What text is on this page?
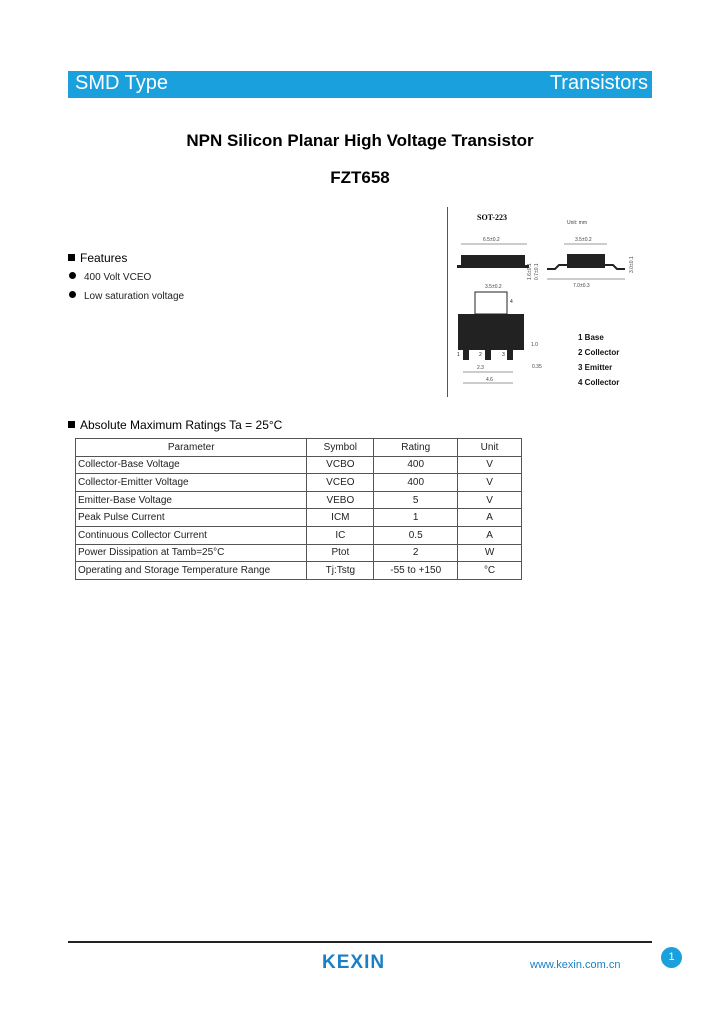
SMD Type	Transistors
NPN Silicon Planar High Voltage Transistor
FZT658
Features
400 Volt VCEO
Low saturation voltage
SOT-223
Unit: mm
6.5±0.2
1.6±0.1 0.7±0.1
3.5±0.2
7.0±0.3
3.0±0.1
3.5±0.2
4
1	2	3
2.3
4.6
0.35
1.0
1 Base
2 Collector
3 Emitter
4 Collector
Absolute Maximum Ratings Ta = 25°C
Parameter	Symbol	Rating	Unit
Collector-Base Voltage	VCBO	400	V
Collector-Emitter Voltage	VCEO	400	V
Emitter-Base Voltage	VEBO	5	V
Peak Pulse Current	ICM	1	A
Continuous Collector Current	IC	0.5	A
Power Dissipation at Tamb=25°C	Ptot	2	W
Operating and Storage Temperature Range	Tj:Tstg	-55 to +150	°C
KEXIN	www.kexin.com.cn
1
